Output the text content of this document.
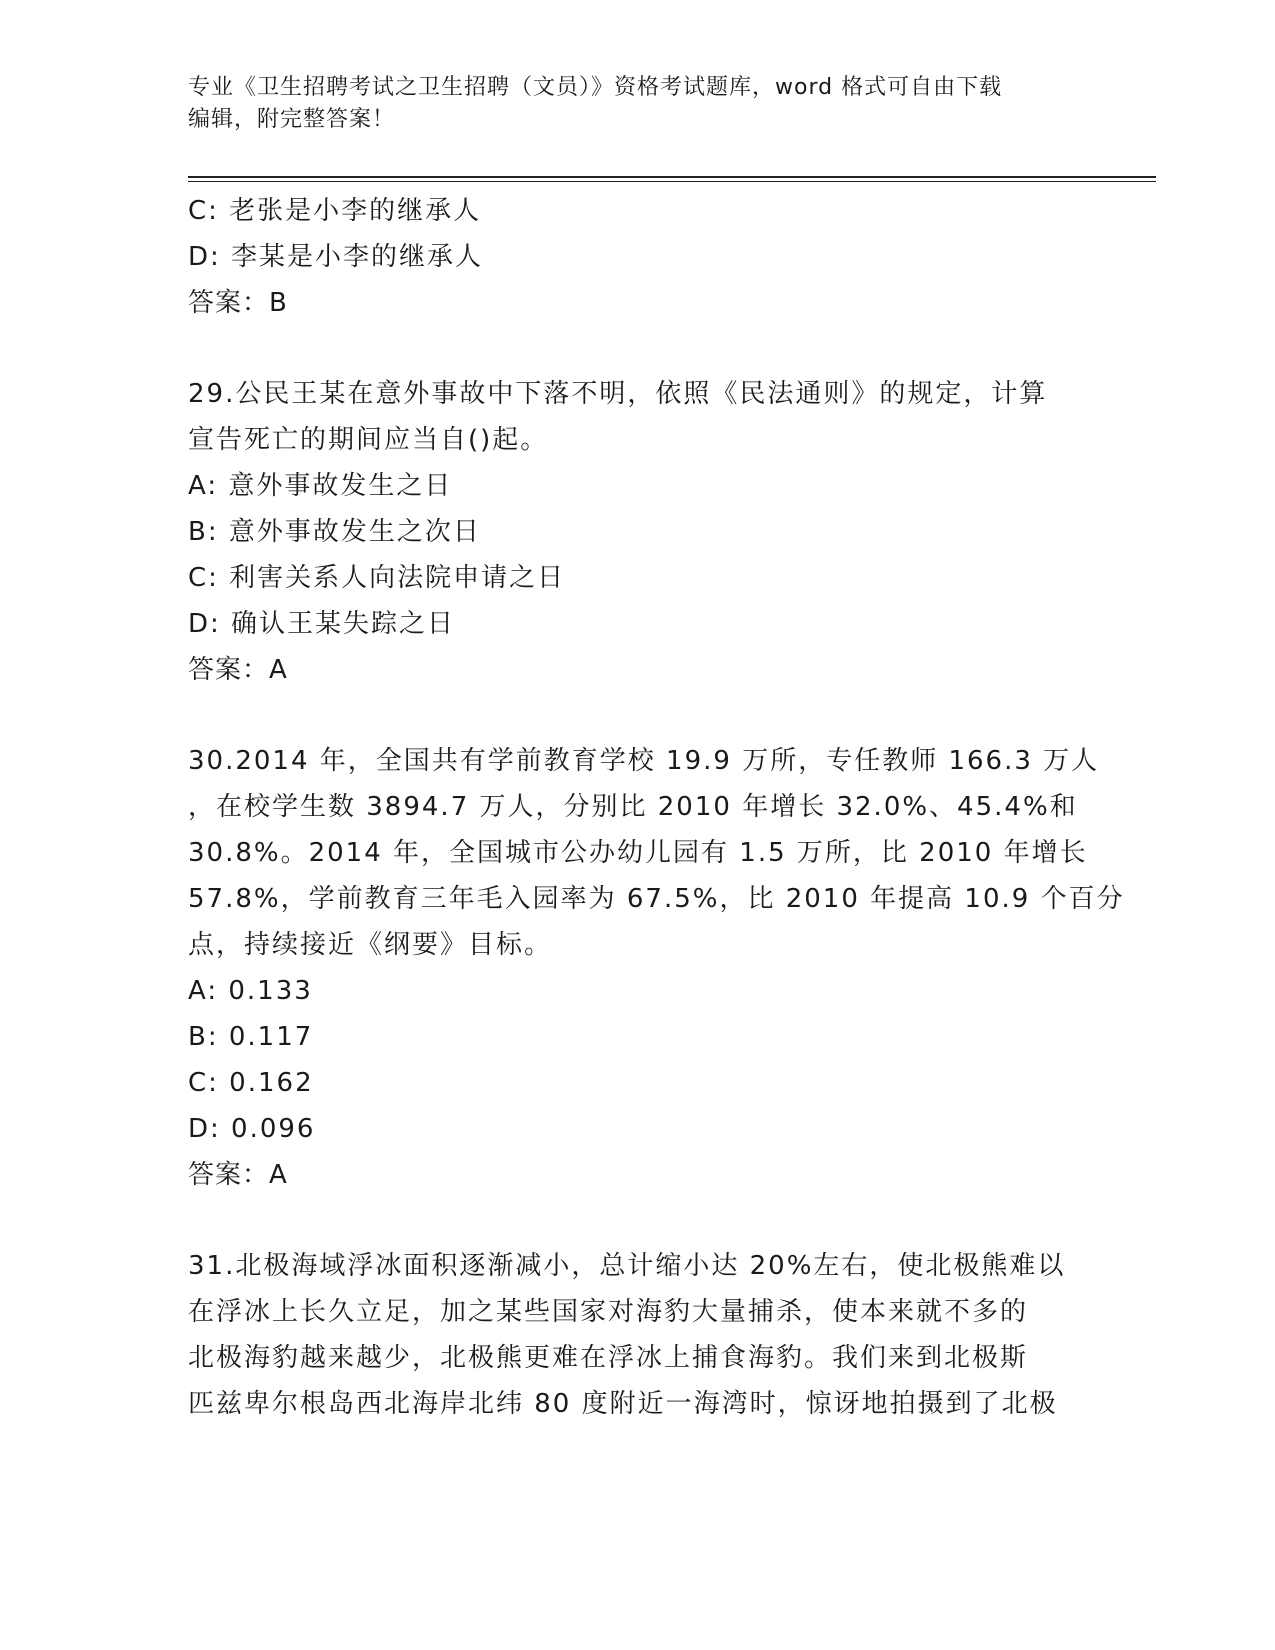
专业《卫生招聘考试之卫生招聘（文员）》资格考试题库，word 格式可自由下载
编辑，附完整答案！
C: 老张是小李的继承人
D: 李某是小李的继承人
答案：B
29.公民王某在意外事故中下落不明，依照《民法通则》的规定，计算
宣告死亡的期间应当自()起。
A: 意外事故发生之日
B: 意外事故发生之次日
C: 利害关系人向法院申请之日
D: 确认王某失踪之日
答案：A
30.2014 年，全国共有学前教育学校 19.9 万所，专任教师 166.3 万人
，在校学生数 3894.7 万人，分别比 2010 年增长 32.0%、45.4%和
30.8%。2014 年，全国城市公办幼儿园有 1.5 万所，比 2010 年增长
57.8%，学前教育三年毛入园率为 67.5%，比 2010 年提高 10.9 个百分
点，持续接近《纲要》目标。
A: 0.133
B: 0.117
C: 0.162
D: 0.096
答案：A
31.北极海域浮冰面积逐渐减小，总计缩小达 20%左右，使北极熊难以
在浮冰上长久立足，加之某些国家对海豹大量捕杀，使本来就不多的
北极海豹越来越少，北极熊更难在浮冰上捕食海豹。我们来到北极斯
匹兹卑尔根岛西北海岸北纬 80 度附近一海湾时，惊讶地拍摄到了北极
